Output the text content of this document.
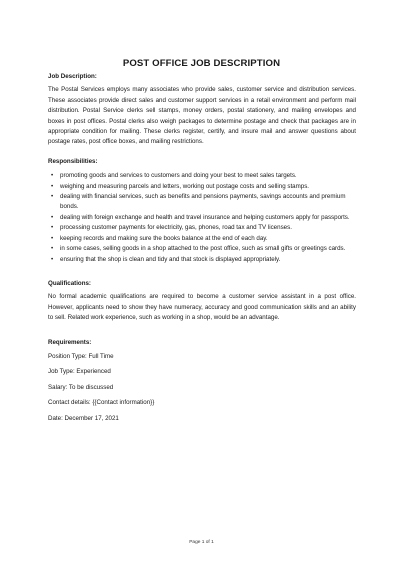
POST OFFICE JOB DESCRIPTION

Job Description:

The Postal Services employs many associates who provide sales, customer service and distribution services. These associates provide direct sales and customer support services in a retail environment and perform mail distribution. Postal Service clerks sell stamps, money orders, postal stationery, and mailing envelopes and boxes in post offices. Postal clerks also weigh packages to determine postage and check that packages are in appropriate condition for mailing. These clerks register, certify, and insure mail and answer questions about postage rates, post office boxes, and mailing restrictions.

Responsibilities:

• promoting goods and services to customers and doing your best to meet sales targets.
• weighing and measuring parcels and letters, working out postage costs and selling stamps.
• dealing with financial services, such as benefits and pensions payments, savings accounts and premium bonds.
• dealing with foreign exchange and health and travel insurance and helping customers apply for passports.
• processing customer payments for electricity, gas, phones, road tax and TV licenses.
• keeping records and making sure the books balance at the end of each day.
• in some cases, selling goods in a shop attached to the post office, such as small gifts or greetings cards.
• ensuring that the shop is clean and tidy and that stock is displayed appropriately.

Qualifications:

No formal academic qualifications are required to become a customer service assistant in a post office. However, applicants need to show they have numeracy, accuracy and good communication skills and an ability to sell. Related work experience, such as working in a shop, would be an advantage.

Requirements:

Position Type: Full Time

Job Type: Experienced

Salary: To be discussed

Contact details: {{Contact information}}

Date: December 17, 2021

Page 1 of 1
